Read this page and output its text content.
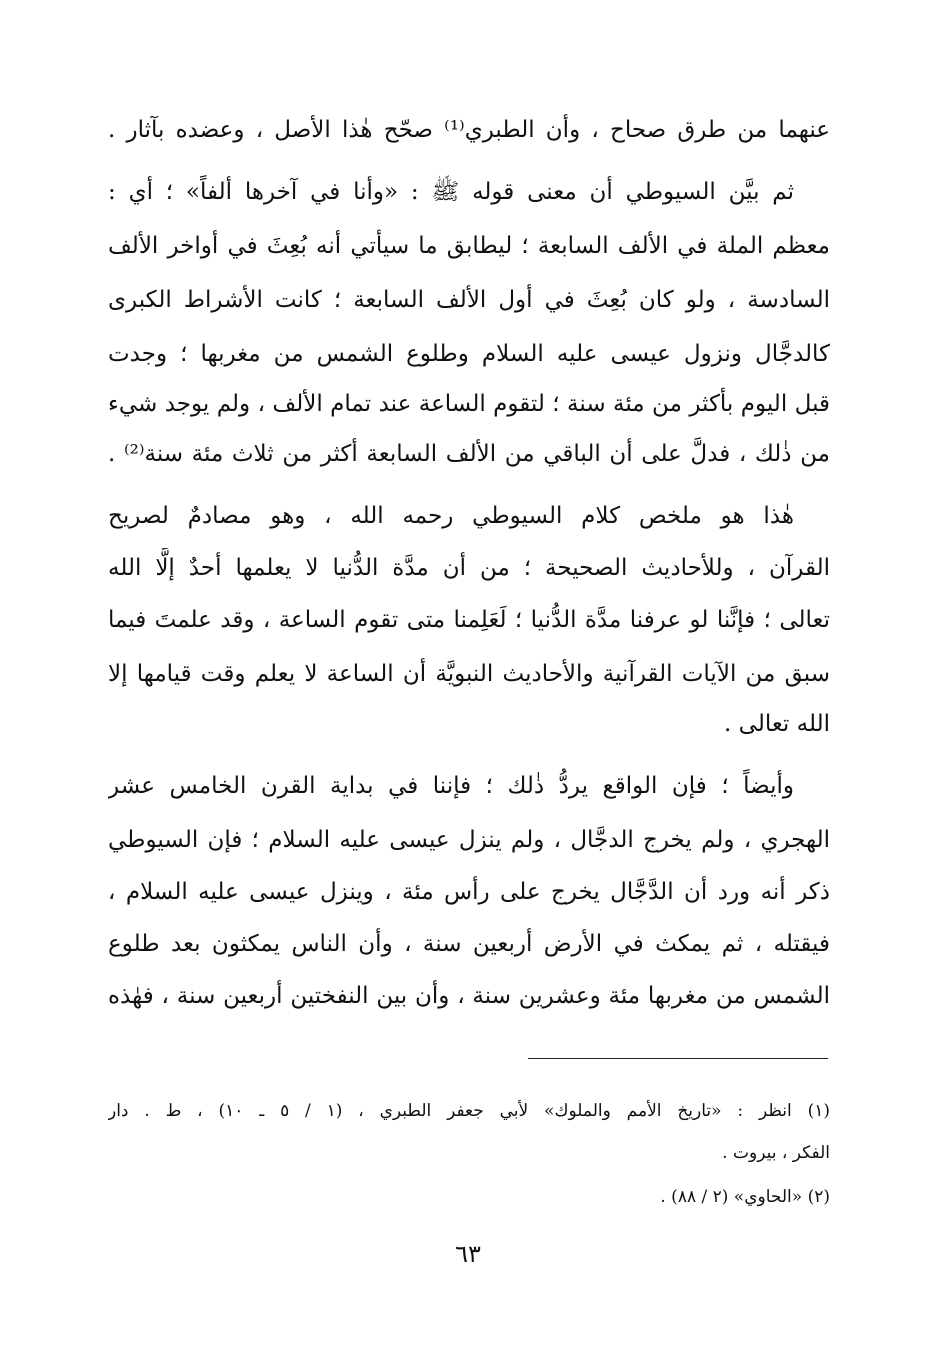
عنهما من طرق صحاح ، وأن الطبري⁽¹⁾ صحّح هٰذا الأصل ، وعضده بآثار .
ثم بيَّن السيوطي أن معنى قوله ﷺ : «وأنا في آخرها ألفاً» ؛ أي :
معظم الملة في الألف السابعة ؛ ليطابق ما سيأتي أنه بُعِثَ في أواخر الألف
السادسة ، ولو كان بُعِثَ في أول الألف السابعة ؛ كانت الأشراط الكبرى
كالدجَّال ونزول عيسى عليه السلام وطلوع الشمس من مغربها ؛ وجدت
قبل اليوم بأكثر من مئة سنة ؛ لتقوم الساعة عند تمام الألف ، ولم يوجد شيء
من ذٰلك ، فدلَّ على أن الباقي من الألف السابعة أكثر من ثلاث مئة سنة⁽²⁾ .
هٰذا هو ملخص كلام السيوطي رحمه الله ، وهو مصادمٌ لصريح
القرآن ، وللأحاديث الصحيحة ؛ من أن مدَّة الدُّنيا لا يعلمها أحدٌ إلَّا الله
تعالى ؛ فإنَّنا لو عرفنا مدَّة الدُّنيا ؛ لَعَلِمنا متى تقوم الساعة ، وقد علمتَ فيما
سبق من الآيات القرآنية والأحاديث النبويَّة أن الساعة لا يعلم وقت قيامها إلا
الله تعالى .
وأيضاً ؛ فإن الواقع يردُّ ذٰلك ؛ فإننا في بداية القرن الخامس عشر
الهجري ، ولم يخرج الدجَّال ، ولم ينزل عيسى عليه السلام ؛ فإن السيوطي
ذكر أنه ورد أن الدَّجَّال يخرج على رأس مئة ، وينزل عيسى عليه السلام ،
فيقتله ، ثم يمكث في الأرض أربعين سنة ، وأن الناس يمكثون بعد طلوع
الشمس من مغربها مئة وعشرين سنة ، وأن بين النفختين أربعين سنة ، فهٰذه
(١) انظر : «تاريخ الأمم والملوك» لأبي جعفر الطبري ، (١ / ٥ ـ ١٠) ، ط . دار
الفكر ، بيروت .
(٢) «الحاوي» (٢ / ٨٨) .
٦٣
